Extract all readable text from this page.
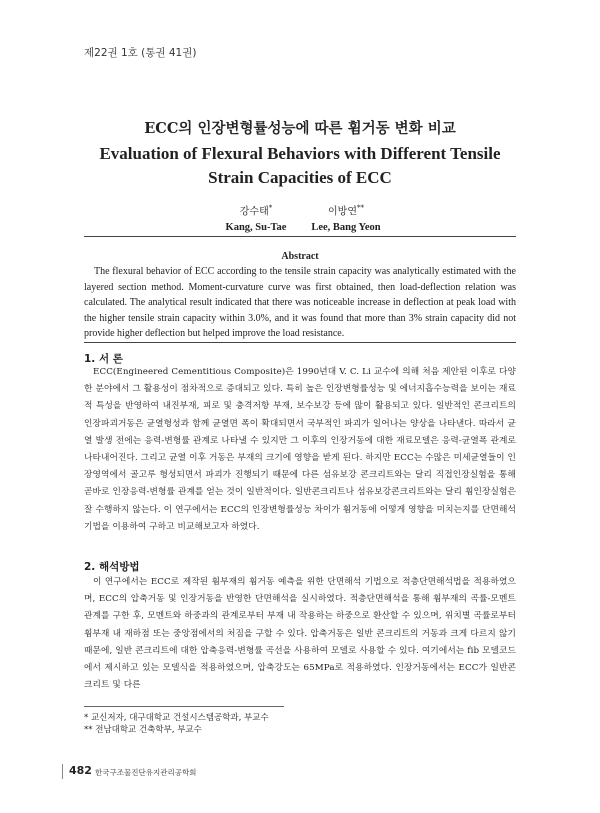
제22권 1호 (통권 41권)
ECC의 인장변형률성능에 따른 휨거동 변화 비교
Evaluation of Flexural Behaviors with Different Tensile Strain Capacities of ECC
강수태*
Kang, Su-Tae
이방연**
Lee, Bang Yeon
Abstract
The flexural behavior of ECC according to the tensile strain capacity was analytically estimated with the layered section method. Moment-curvature curve was first obtained, then load-deflection relation was calculated. The analytical result indicated that there was noticeable increase in deflection at peak load with the higher tensile strain capacity within 3.0%, and it was found that more than 3% strain capacity did not provide higher deflection but helped improve the load resistance.
1. 서 론
ECC(Engineered Cementitious Composite)은 1990년대 V. C. Li 교수에 의해 처음 제안된 이후로 다양한 분야에서 그 활용성이 점차적으로 증대되고 있다. 특히 높은 인장변형률성능 및 에너지흡수능력을 보이는 재료적 특성을 반영하여 내진부재, 피로 및 충격저항 부재, 보수보강 등에 많이 활용되고 있다. 일반적인 콘크리트의 인장파괴거동은 균열형성과 함께 균열면 폭이 확대되면서 국부적인 파괴가 일어나는 양상을 나타낸다. 따라서 균열 발생 전에는 응력-변형률 관계로 나타낼 수 있지만 그 이후의 인장거동에 대한 재료모델은 응력-균열폭 관계로 나타내어진다. 그리고 균열 이후 거동은 부재의 크기에 영향을 받게 된다. 하지만 ECC는 수많은 미세균열들이 인장영역에서 골고루 형성되면서 파괴가 진행되기 때문에 다른 섬유보강 콘크리트와는 달리 직접인장실험을 통해 곧바로 인장응력-변형률 관계를 얻는 것이 일반적이다. 일반콘크리트나 섬유보강콘크리트와는 달리 휨인장실험은 잘 수행하지 않는다. 이 연구에서는 ECC의 인장변형률성능 차이가 휨거동에 어떻게 영향을 미치는지를 단면해석기법을 이용하여 구하고 비교해보고자 하였다.
2. 해석방법
이 연구에서는 ECC로 제작된 휨부재의 휨거동 예측을 위한 단면해석 기법으로 적층단면해석법을 적용하였으며, ECC의 압축거동 및 인장거동을 반영한 단면해석을 실시하였다. 적층단면해석을 통해 휨부재의 곡률-모멘트 관계를 구한 후, 모멘트와 하중과의 관계로부터 부재 내 작용하는 하중으로 환산할 수 있으며, 위치별 곡률로부터 휨부재 내 재하점 또는 중앙점에서의 처짐을 구할 수 있다. 압축거동은 일반 콘크리트의 거동과 크게 다르지 않기 때문에, 일반 콘크리트에 대한 압축응력-변형률 곡선을 사용하여 모델로 사용할 수 있다. 여기에서는 fib 모델코드에서 제시하고 있는 모델식을 적용하였으며, 압축강도는 65MPa로 적용하였다. 인장거동에서는 ECC가 일반콘크리트 및 다른
* 교신저자, 대구대학교 건설시스템공학과, 부교수
** 전남대학교 건축학부, 부교수
482 한국구조물진단유지관리공학회
